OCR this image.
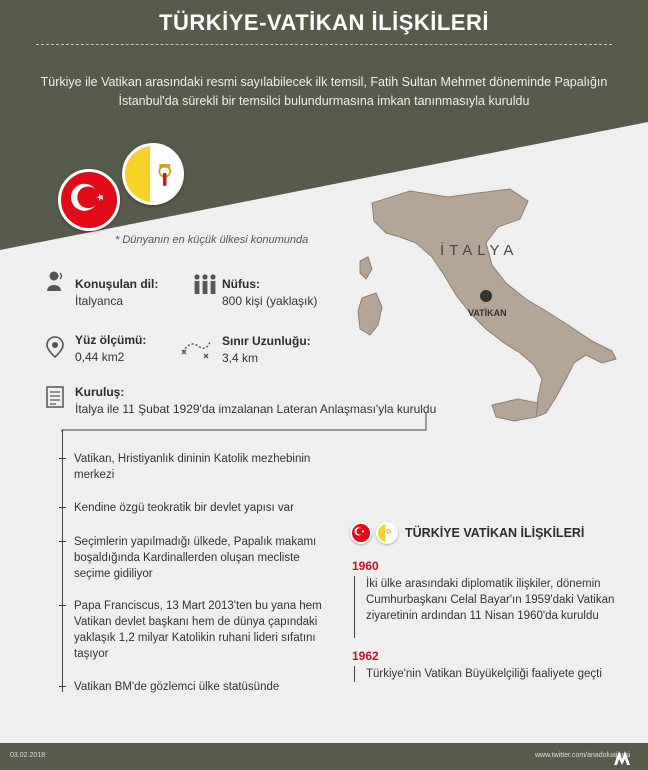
TÜRKİYE-VATİKAN İLİŞKİLERİ
Türkiye ile Vatikan arasındaki resmi sayılabilecek ilk temsil, Fatih Sultan Mehmet döneminde Papalığın İstanbul'da sürekli bir temsilci bulundurmasına imkan tanınmasıyla kuruldu
* Dünyanın en küçük ülkesi konumunda
İTALYA
VATİKAN
Konuşulan dil:
İtalyanca
Nüfus:
800 kişi (yaklaşık)
Yüz ölçümü:
0,44 km2
Sınır Uzunluğu:
3,4 km
Kuruluş:
İtalya ile 11 Şubat 1929'da imzalanan Lateran Anlaşması'yla kuruldu
Vatikan, Hristiyanlık dininin Katolik mezhebinin merkezi
Kendine özgü teokratik bir devlet yapısı var
Seçimlerin yapılmadığı ülkede, Papalık makamı boşaldığında Kardinallerden oluşan mecliste seçime gidiliyor
Papa Franciscus, 13 Mart 2013'ten bu yana hem Vatikan devlet başkanı hem de dünya çapındaki yaklaşık 1,2 milyar Katolikin ruhani lideri sıfatını taşıyor
Vatikan BM'de gözlemci ülke statüsünde
TÜRKİYE VATİKAN İLİŞKİLERİ
1960
İki ülke arasındaki diplomatik ilişkiler, dönemin Cumhurbaşkanı Celal Bayar'ın 1959'daki Vatikan ziyaretinin ardından 11 Nisan 1960'da kuruldu
1962
Türkiye'nin Vatikan Büyükelçiliği faaliyete geçti
03.02.2018	www.twitter.com/anadoluajansi
